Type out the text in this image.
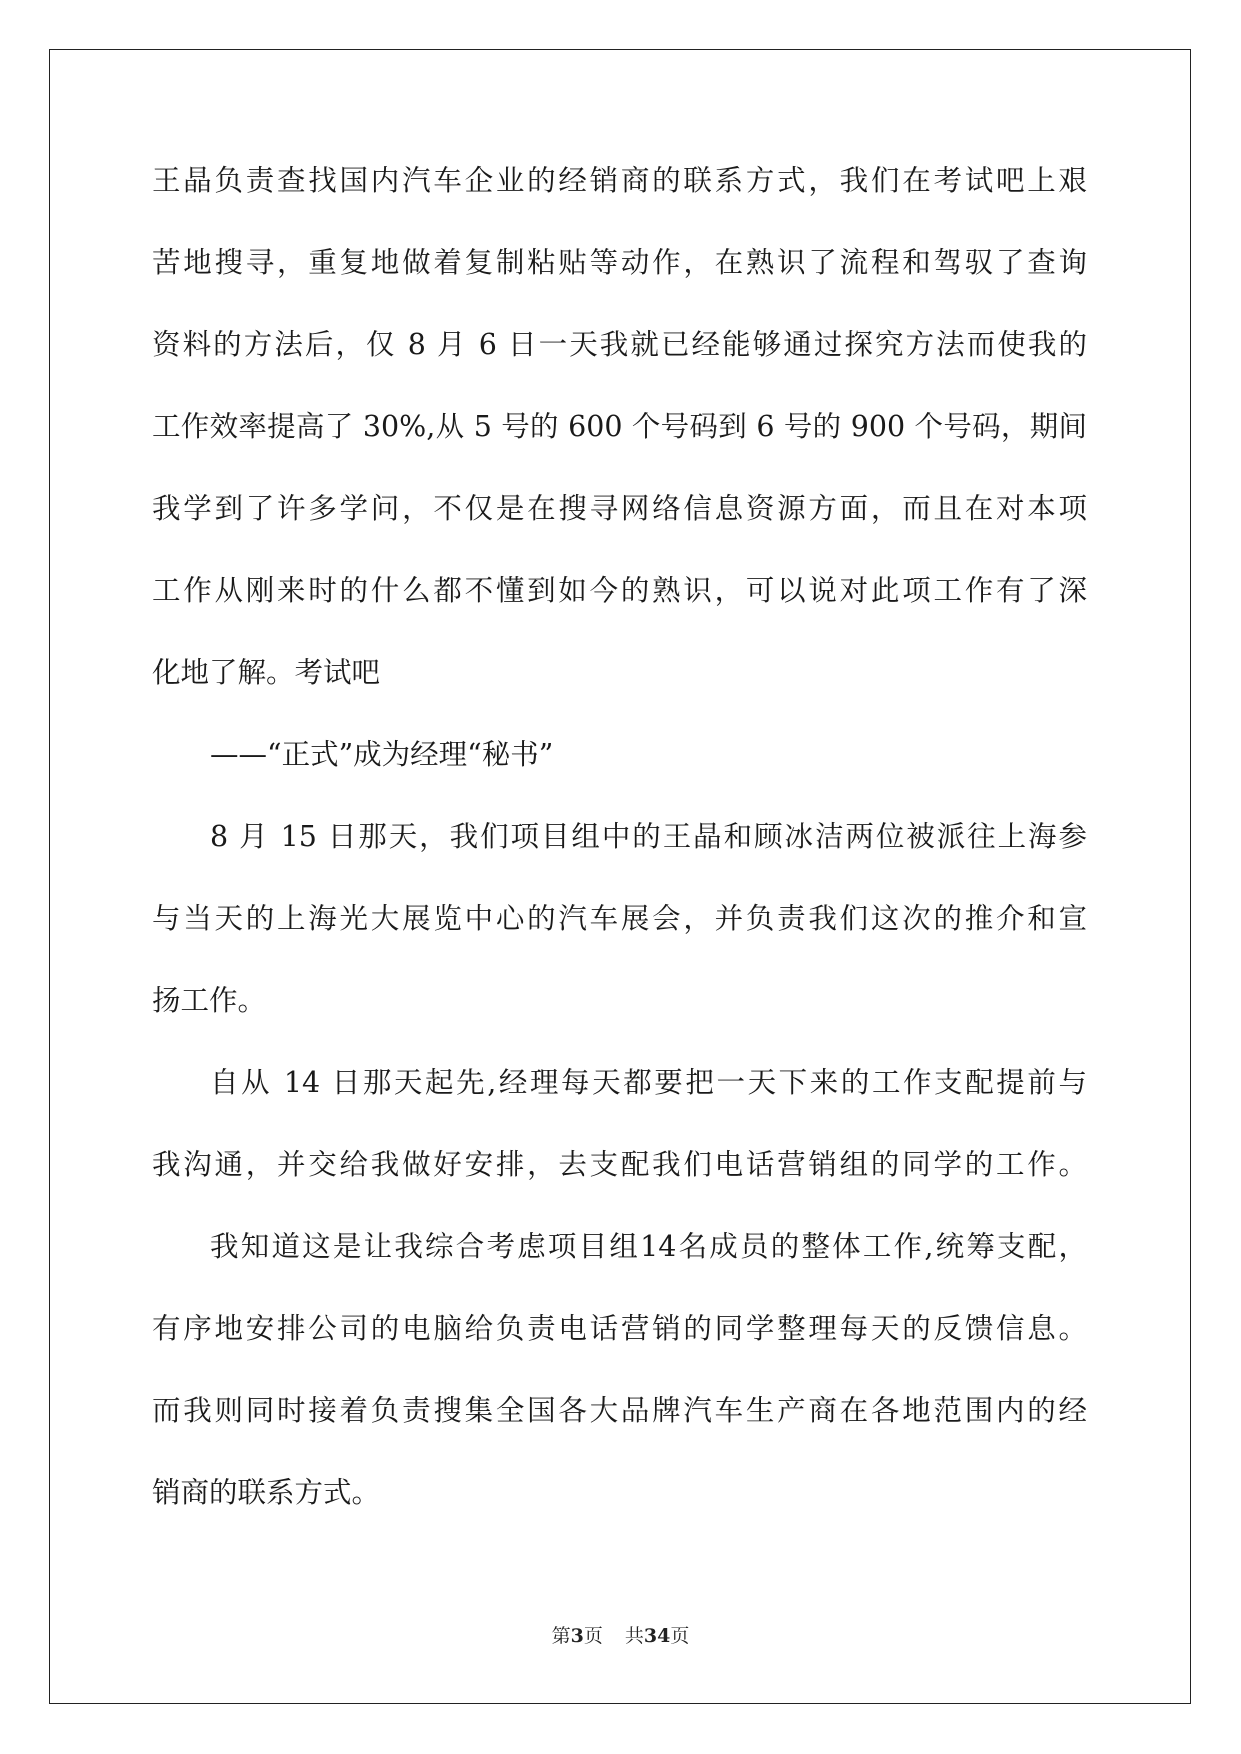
王晶负责查找国内汽车企业的经销商的联系方式，我们在考试吧上艰
苦地搜寻，重复地做着复制粘贴等动作，在熟识了流程和驾驭了查询
资料的方法后，仅 8 月 6 日一天我就已经能够通过探究方法而使我的
工作效率提高了 30%,从 5 号的 600 个号码到 6 号的 900 个号码，期间
我学到了许多学问，不仅是在搜寻网络信息资源方面，而且在对本项
工作从刚来时的什么都不懂到如今的熟识，可以说对此项工作有了深
化地了解。考试吧
——“正式”成为经理“秘书”
8 月 15 日那天，我们项目组中的王晶和顾冰洁两位被派往上海参
与当天的上海光大展览中心的汽车展会，并负责我们这次的推介和宣
扬工作。
自从 14 日那天起先,经理每天都要把一天下来的工作支配提前与
我沟通，并交给我做好安排，去支配我们电话营销组的同学的工作。
我知道这是让我综合考虑项目组14名成员的整体工作,统筹支配，
有序地安排公司的电脑给负责电话营销的同学整理每天的反馈信息。
而我则同时接着负责搜集全国各大品牌汽车生产商在各地范围内的经
销商的联系方式。
第3页 共34页
